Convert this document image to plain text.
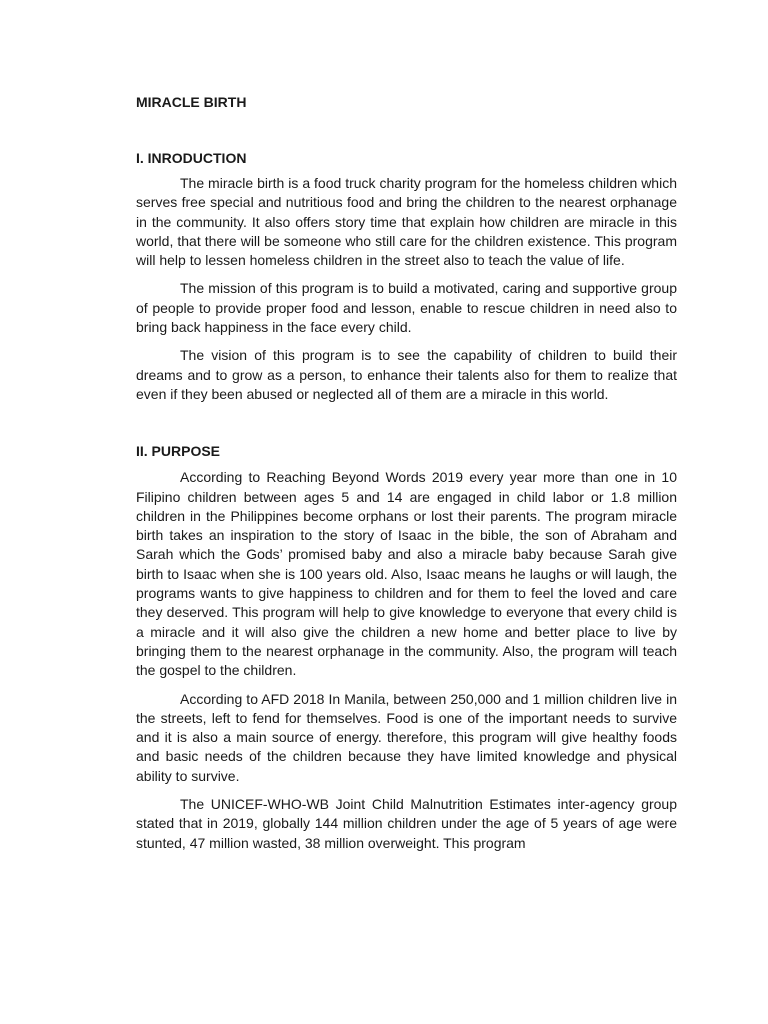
MIRACLE BIRTH
I. INRODUCTION

The miracle birth is a food truck charity program for the homeless children which serves free special and nutritious food and bring the children to the nearest orphanage in the community. It also offers story time that explain how children are miracle in this world, that there will be someone who still care for the children existence. This program will help to lessen homeless children in the street also to teach the value of life.

The mission of this program is to build a motivated, caring and supportive group of people to provide proper food and lesson, enable to rescue children in need also to bring back happiness in the face every child.

The vision of this program is to see the capability of children to build their dreams and to grow as a person, to enhance their talents also for them to realize that even if they been abused or neglected all of them are a miracle in this world.

II. PURPOSE

According to Reaching Beyond Words 2019 every year more than one in 10 Filipino children between ages 5 and 14 are engaged in child labor or 1.8 million children in the Philippines become orphans or lost their parents. The program miracle birth takes an inspiration to the story of Isaac in the bible, the son of Abraham and Sarah which the Gods’ promised baby and also a miracle baby because Sarah give birth to Isaac when she is 100 years old. Also, Isaac means he laughs or will laugh, the programs wants to give happiness to children and for them to feel the loved and care they deserved. This program will help to give knowledge to everyone that every child is a miracle and it will also give the children a new home and better place to live by bringing them to the nearest orphanage in the community. Also, the program will teach the gospel to the children.

According to AFD 2018 In Manila, between 250,000 and 1 million children live in the streets, left to fend for themselves. Food is one of the important needs to survive and it is also a main source of energy. therefore, this program will give healthy foods and basic needs of the children because they have limited knowledge and physical ability to survive.

The UNICEF-WHO-WB Joint Child Malnutrition Estimates inter-agency group stated that in 2019, globally 144 million children under the age of 5 years of age were stunted, 47 million wasted, 38 million overweight. This program
